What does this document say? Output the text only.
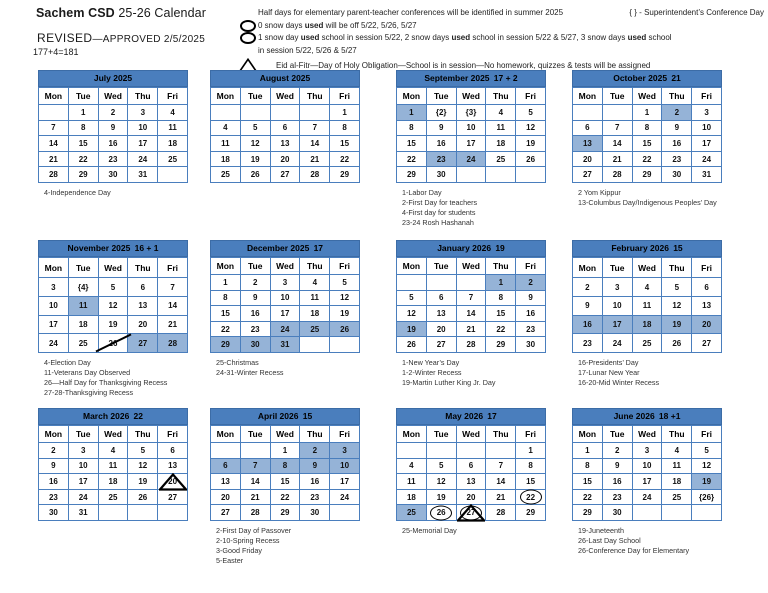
Sachem CSD 25-26 Calendar
REVISED—APPROVED 2/5/2025
177+4=181
Half days for elementary parent-teacher conferences will be identified in summer 2025	{ } - Superintendent’s Conference Day
0 snow days used will be off 5/22, 5/26, 5/27
1 snow day used school in session 5/22, 2 snow days used school in session 5/22 & 5/27, 3 snow days used school
in session 5/22, 5/26 & 5/27
Eid al-Fitr—Day of Holy Obligation—School is in session—No homework, quizzes & tests will be assigned
July 2025
Mon	Tue	Wed	Thu	Fri
	1	2	3	4
7	8	9	10	11
14	15	16	17	18
21	22	23	24	25
28	29	30	31	
4-Independence Day
August 2025
Mon	Tue	Wed	Thu	Fri
				1
4	5	6	7	8
11	12	13	14	15
18	19	20	21	22
25	26	27	28	29
September 2025 17 + 2
Mon	Tue	Wed	Thu	Fri
1	{2}	{3}	4	5
8	9	10	11	12
15	16	17	18	19
22	23	24	25	26
29	30			
1-Labor Day
2-First Day for teachers
4-First day for students
23-24 Rosh Hashanah
October 2025 21
Mon	Tue	Wed	Thu	Fri
		1	2	3
6	7	8	9	10
13	14	15	16	17
20	21	22	23	24
27	28	29	30	31
2 Yom Kippur
13-Columbus Day/Indigenous Peoples’ Day
November 2025 16 + 1
Mon	Tue	Wed	Thu	Fri
3	{4}	5	6	7
10	11	12	13	14
17	18	19	20	21
24	25	26	27	28
4-Election Day
11-Veterans Day Observed
26—Half Day for Thanksgiving Recess
27-28-Thanksgiving Recess
December 2025 17
Mon	Tue	Wed	Thu	Fri
1	2	3	4	5
8	9	10	11	12
15	16	17	18	19
22	23	24	25	26
29	30	31		
25-Christmas
24-31-Winter Recess
January 2026 19
Mon	Tue	Wed	Thu	Fri
			1	2
5	6	7	8	9
12	13	14	15	16
19	20	21	22	23
26	27	28	29	30
1-New Year’s Day
1-2-Winter Recess
19-Martin Luther King Jr. Day
February 2026 15
Mon	Tue	Wed	Thu	Fri
2	3	4	5	6
9	10	11	12	13
16	17	18	19	20
23	24	25	26	27
16-Presidents’ Day
17-Lunar New Year
16-20-Mid Winter Recess
March 2026 22
Mon	Tue	Wed	Thu	Fri
2	3	4	5	6
9	10	11	12	13
16	17	18	19	20

23	24	25	26	27
30	31			
April 2026 15
Mon	Tue	Wed	Thu	Fri
		1	2	3
6	7	8	9	10
13	14	15	16	17
20	21	22	23	24
27	28	29	30	
2-First Day of Passover
2-10-Spring Recess
3-Good Friday
5-Easter
May 2026 17
Mon	Tue	Wed	Thu	Fri
				1
4	5	6	7	8
11	12	13	14	15
18	19	20	21	22

25	26	27	28	29
25-Memorial Day
June 2026 18 +1
Mon	Tue	Wed	Thu	Fri
1	2	3	4	5
8	9	10	11	12
15	16	17	18	19
22	23	24	25	{26}
29	30			
19-Juneteenth
26-Last Day School
26-Conference Day for Elementary
